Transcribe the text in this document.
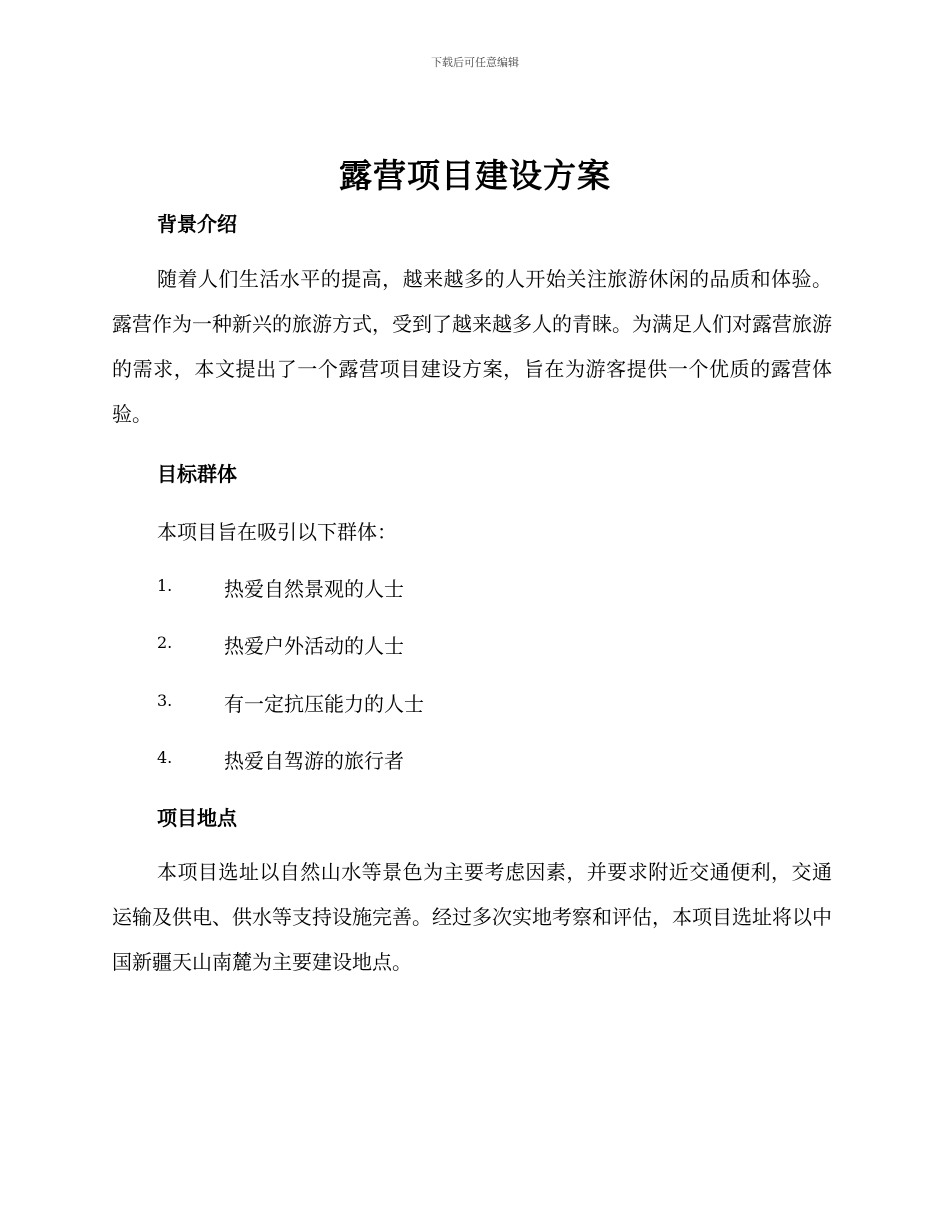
下载后可任意编辑
露营项目建设方案
背景介绍

随着人们生活水平的提高，越来越多的人开始关注旅游休闲的品质和体验。露营作为一种新兴的旅游方式，受到了越来越多人的青睐。为满足人们对露营旅游的需求，本文提出了一个露营项目建设方案，旨在为游客提供一个优质的露营体验。

目标群体

本项目旨在吸引以下群体：

1.	热爱自然景观的人士
2.	热爱户外活动的人士
3.	有一定抗压能力的人士
4.	热爱自驾游的旅行者
项目地点

本项目选址以自然山水等景色为主要考虑因素，并要求附近交通便利，交通运输及供电、供水等支持设施完善。经过多次实地考察和评估，本项目选址将以中国新疆天山南麓为主要建设地点。
